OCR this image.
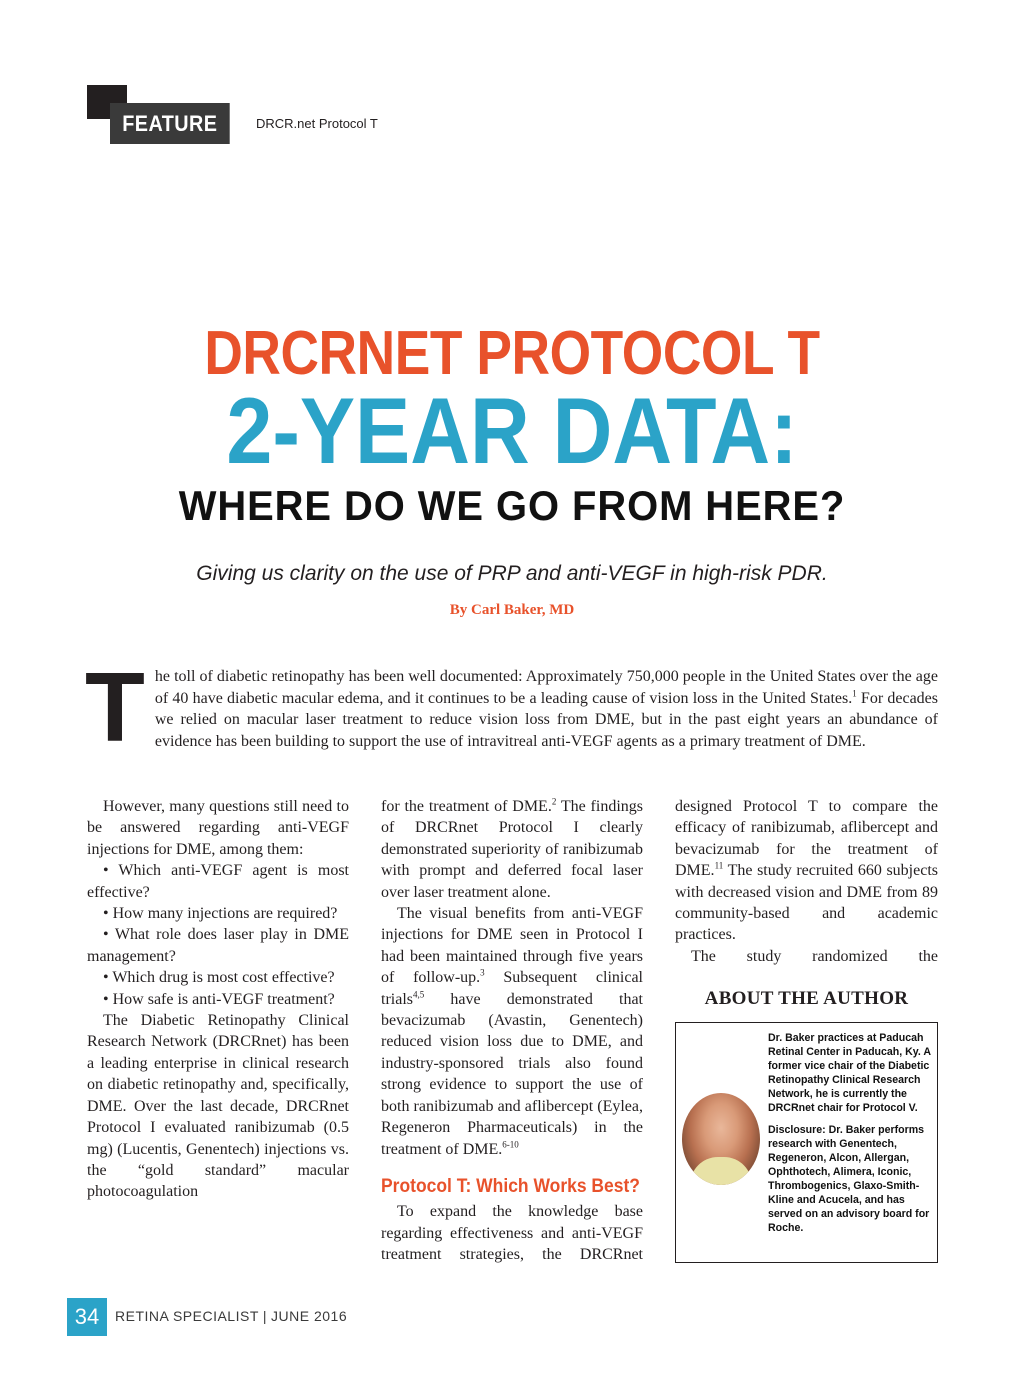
FEATURE	DRCR.net Protocol T
DRCRNET PROTOCOL T
2-YEAR DATA:
WHERE DO WE GO FROM HERE?
Giving us clarity on the use of PRP and anti-VEGF in high-risk PDR.
By Carl Baker, MD
The toll of diabetic retinopathy has been well documented: Approximately 750,000 people in the United States over the age of 40 have diabetic macular edema, and it continues to be a leading cause of vision loss in the United States.$^1$ For decades we relied on macular laser treatment to reduce vision loss from DME, but in the past eight years an abundance of evidence has been building to support the use of intravitreal anti-VEGF agents as a primary treatment of DME.

However, many questions still need to be answered regarding anti-VEGF injections for DME, among them:

• Which anti-VEGF agent is most effective?

• How many injections are required?

• What role does laser play in DME management?

• Which drug is most cost effective?

• How safe is anti-VEGF treatment?

The Diabetic Retinopathy Clinical Research Network (DRCRnet) has been a leading enterprise in clinical research on diabetic retinopathy and, specifically, DME. Over the last decade, DRCRnet Protocol I evaluated ranibizumab (0.5 mg) (Lucentis, Genentech) injections vs. the “gold standard” macular photocoagulation

for the treatment of DME.$^2$ The findings of DRCRnet Protocol I clearly demonstrated superiority of ranibizumab with prompt and deferred focal laser over laser treatment alone.

The visual benefits from anti-VEGF injections for DME seen in Protocol I had been maintained through five years of follow-up.$^3$ Subsequent clinical trials$^{4,5}$ have demonstrated that bevacizumab (Avastin, Genentech) reduced vision loss due to DME, and industry-sponsored trials also found strong evidence to support the use of both ranibizumab and aflibercept (Eylea, Regeneron Pharmaceuticals) in the treatment of DME.$^{6-10}$

Protocol T: Which Works Best?

To expand the knowledge base regarding effectiveness and anti-VEGF treatment strategies, the DRCRnet

designed Protocol T to compare the efficacy of ranibizumab, aflibercept and bevacizumab for the treatment of DME.$^{11}$ The study recruited 660 subjects with decreased vision and DME from 89 community-based and academic practices.

The study randomized the

ABOUT THE AUTHOR

Dr. Baker practices at Paducah Retinal Center in Paducah, Ky. A former vice chair of the Diabetic Retinopathy Clinical Research Network, he is currently the DRCRnet chair for Protocol V.

Disclosure: Dr. Baker performs research with Genentech, Regeneron, Alcon, Allergan, Ophthotech, Alimera, Iconic, Thrombogenics, Glaxo-Smith-Kline and Acucela, and has served on an advisory board for Roche.

34	RETINA SPECIALIST | JUNE 2016
